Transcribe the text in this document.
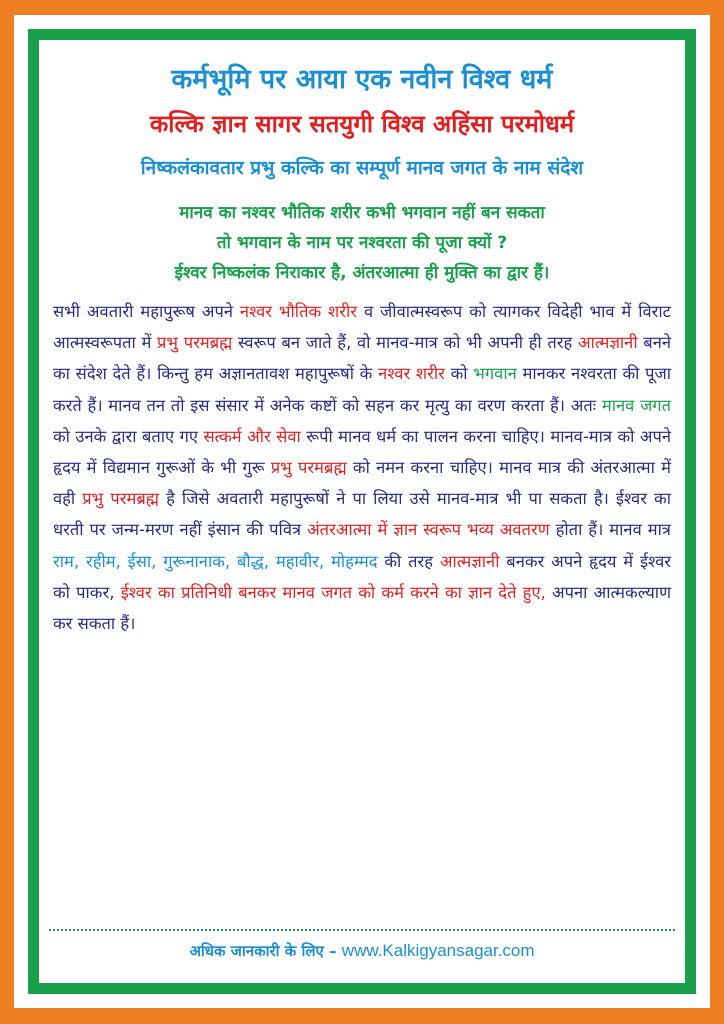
कर्मभूमि पर आया एक नवीन विश्व धर्म
कल्कि ज्ञान सागर सतयुगी विश्व अहिंसा परमोधर्म
निष्कलंकावतार प्रभु कल्कि का सम्पूर्ण मानव जगत के नाम संदेश
मानव का नश्वर भौतिक शरीर कभी भगवान नहीं बन सकता
तो भगवान के नाम पर नश्वरता की पूजा क्यों ?
ईश्वर निष्कलंक निराकार है, अंतरआत्मा ही मुक्ति का द्वार हैं।
सभी अवतारी महापुरूष अपने नश्वर भौतिक शरीर व जीवात्मस्वरूप को त्यागकर विदेही भाव में विराट आत्मस्वरूपता में प्रभु परमब्रह्म स्वरूप बन जाते हैं, वो मानव-मात्र को भी अपनी ही तरह आत्मज्ञानी बनने का संदेश देते हैं। किन्तु हम अज्ञानतावश महापुरूषों के नश्वर शरीर को भगवान मानकर नश्वरता की पूजा करते हैं। मानव तन तो इस संसार में अनेक कष्टों को सहन कर मृत्यु का वरण करता हैं। अतः मानव जगत को उनके द्वारा बताए गए सत्कर्म और सेवा रूपी मानव धर्म का पालन करना चाहिए। मानव-मात्र को अपने हृदय में विद्यमान गुरूओं के भी गुरू प्रभु परमब्रह्म को नमन करना चाहिए। मानव मात्र की अंतरआत्मा में वही प्रभु परमब्रह्म है जिसे अवतारी महापुरूषों ने पा लिया उसे मानव-मात्र भी पा सकता है। ईश्वर का धरती पर जन्म-मरण नहीं इंसान की पवित्र अंतरआत्मा में ज्ञान स्वरूप भव्य अवतरण होता हैं। मानव मात्र राम, रहीम, ईसा, गुरूनानाक, बौद्ध, महावीर, मोहम्मद की तरह आत्मज्ञानी बनकर अपने हृदय में ईश्वर को पाकर, ईश्वर का प्रतिनिधी बनकर मानव जगत को कर्म करने का ज्ञान देते हुए, अपना आत्मकल्याण कर सकता हैं।
अधिक जानकारी के लिए – www.Kalkigyansagar.com
